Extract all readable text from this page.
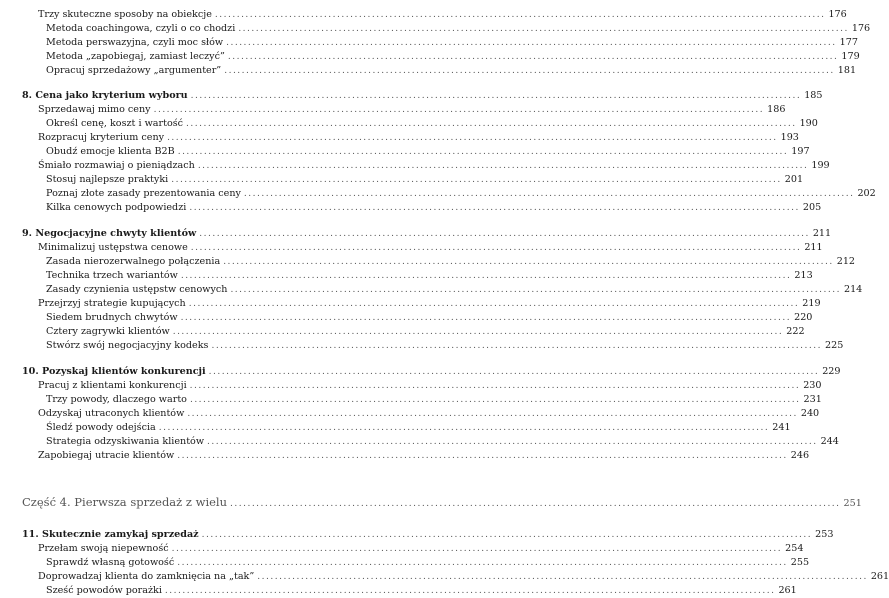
Trzy skuteczne sposoby na obiekcje .....	176
Metoda coachingowa, czyli o co chodzi .....	176
Metoda perswazyjna, czyli moc słów .....	177
Metoda „zapobiegaj, zamiast leczyć” .....	179
Opracuj sprzedażowy „argumenter” .....	181
8. Cena jako kryterium wyboru .....	185
Sprzedawaj mimo ceny .....	186
Określ cenę, koszt i wartość .....	190
Rozpracuj kryterium ceny .....	193
Obudź emocje klienta B2B .....	197
Śmiało rozmawiaj o pieniądzach .....	199
Stosuj najlepsze praktyki .....	201
Poznaj złote zasady prezentowania ceny .....	202
Kilka cenowych podpowiedzi .....	205
9. Negocjacyjne chwyty klientów .....	211
Minimalizuj ustępstwa cenowe .....	211
Zasada nierozerwalnego połączenia .....	212
Technika trzech wariantów .....	213
Zasady czynienia ustępstw cenowych .....	214
Przejrzyj strategie kupujących .....	219
Siedem brudnych chwytów .....	220
Cztery zagrywki klientów .....	222
Stwórz swój negocjacyjny kodeks .....	225
10. Pozyskaj klientów konkurencji .....	229
Pracuj z klientami konkurencji .....	230
Trzy powody, dlaczego warto .....	231
Odzyskaj utraconych klientów .....	240
Śledź powody odejścia .....	241
Strategia odzyskiwania klientów .....	244
Zapobiegaj utracie klientów .....	246
Część 4. Pierwsza sprzedaż z wielu .....	251
11. Skutecznie zamykaj sprzedaż .....	253
Przełam swoją niepewność .....	254
Sprawdź własną gotowość .....	255
Doprowadzaj klienta do zamknięcia na „tak” .....	261
Sześć powodów porażki .....	261
